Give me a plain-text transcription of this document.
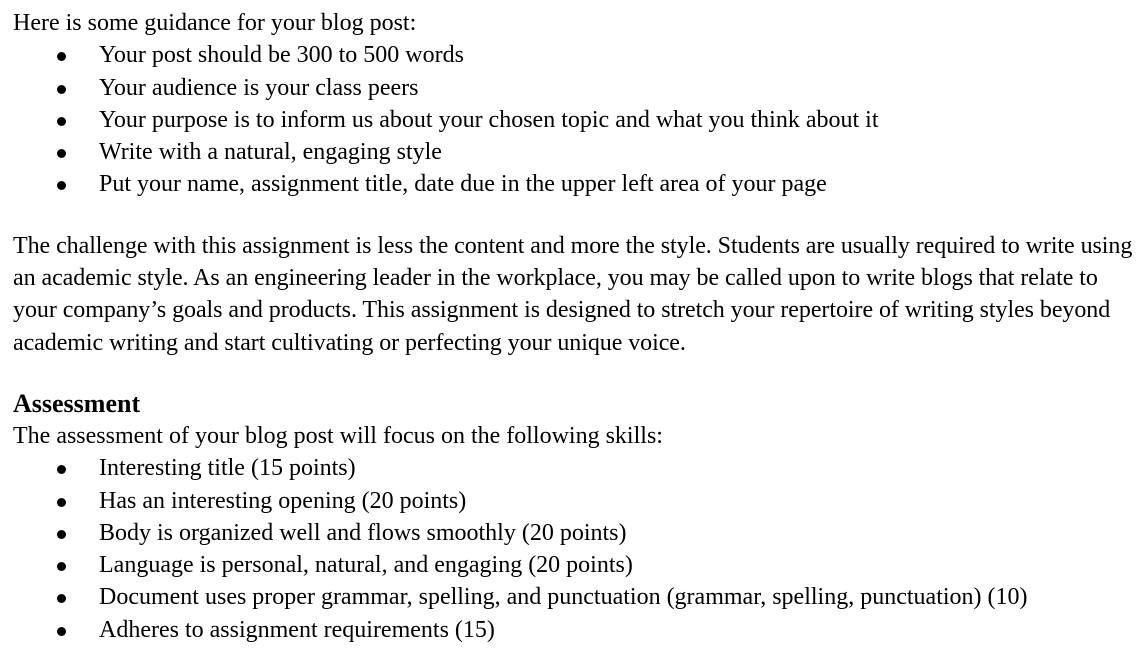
Here is some guidance for your blog post:

Your post should be 300 to 500 words
Your audience is your class peers
Your purpose is to inform us about your chosen topic and what you think about it
Write with a natural, engaging style
Put your name, assignment title, date due in the upper left area of your page

The challenge with this assignment is less the content and more the style. Students are usually required to write using an academic style. As an engineering leader in the workplace, you may be called upon to write blogs that relate to your company’s goals and products. This assignment is designed to stretch your repertoire of writing styles beyond academic writing and start cultivating or perfecting your unique voice.

Assessment

The assessment of your blog post will focus on the following skills:

Interesting title (15 points)
Has an interesting opening (20 points)
Body is organized well and flows smoothly (20 points)
Language is personal, natural, and engaging (20 points)
Document uses proper grammar, spelling, and punctuation (grammar, spelling, punctuation) (10)
Adheres to assignment requirements (15)
